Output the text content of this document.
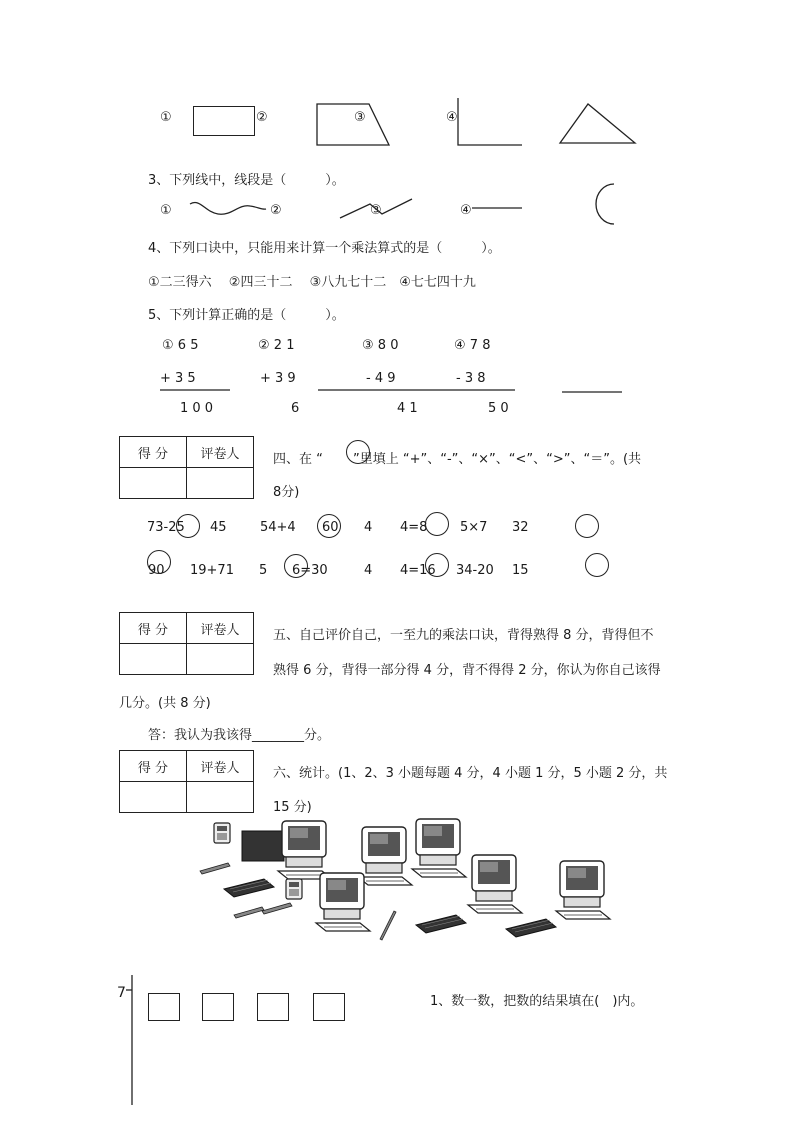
①	②	③	④
3、下列线中，线段是（　　　）。
①	②	③	④
4、下列口诀中，只能用来计算一个乘法算式的是（　　　）。
①二三得六　 ②四三十二　 ③八九七十二　④七七四十九
5、下列计算正确的是（　　　）。
① 6 5	② 2 1	③ 8 0	④ 7 8
+ 3 5	+ 3 9	- 4 9	- 3 8
1 0 0	6	4 1	5 0
得 分	评卷人
		四、在 “　　 ”里填上 “+”、“-”、“×”、“<”、“>”、“＝”。(共
8分)
73-25 45	54+4 60 4 4=8	5×7 32
90 19+71 5 6=30	4 4=16 34-20 15
得 分	评卷人
		五、自己评价自己，一至九的乘法口诀，背得熟得 8 分，背得但不
熟得 6 分，背得一部分得 4 分，背不得得 2 分，你认为你自己该得
几分。(共 8 分)
答：我认为我该得________分。
得 分	评卷人
		六、统计。(1、2、3 小题每题 4 分，4 小题 1 分，5 小题 2 分，共
15 分)
7
1、数一数，把数的结果填在(　)内。
